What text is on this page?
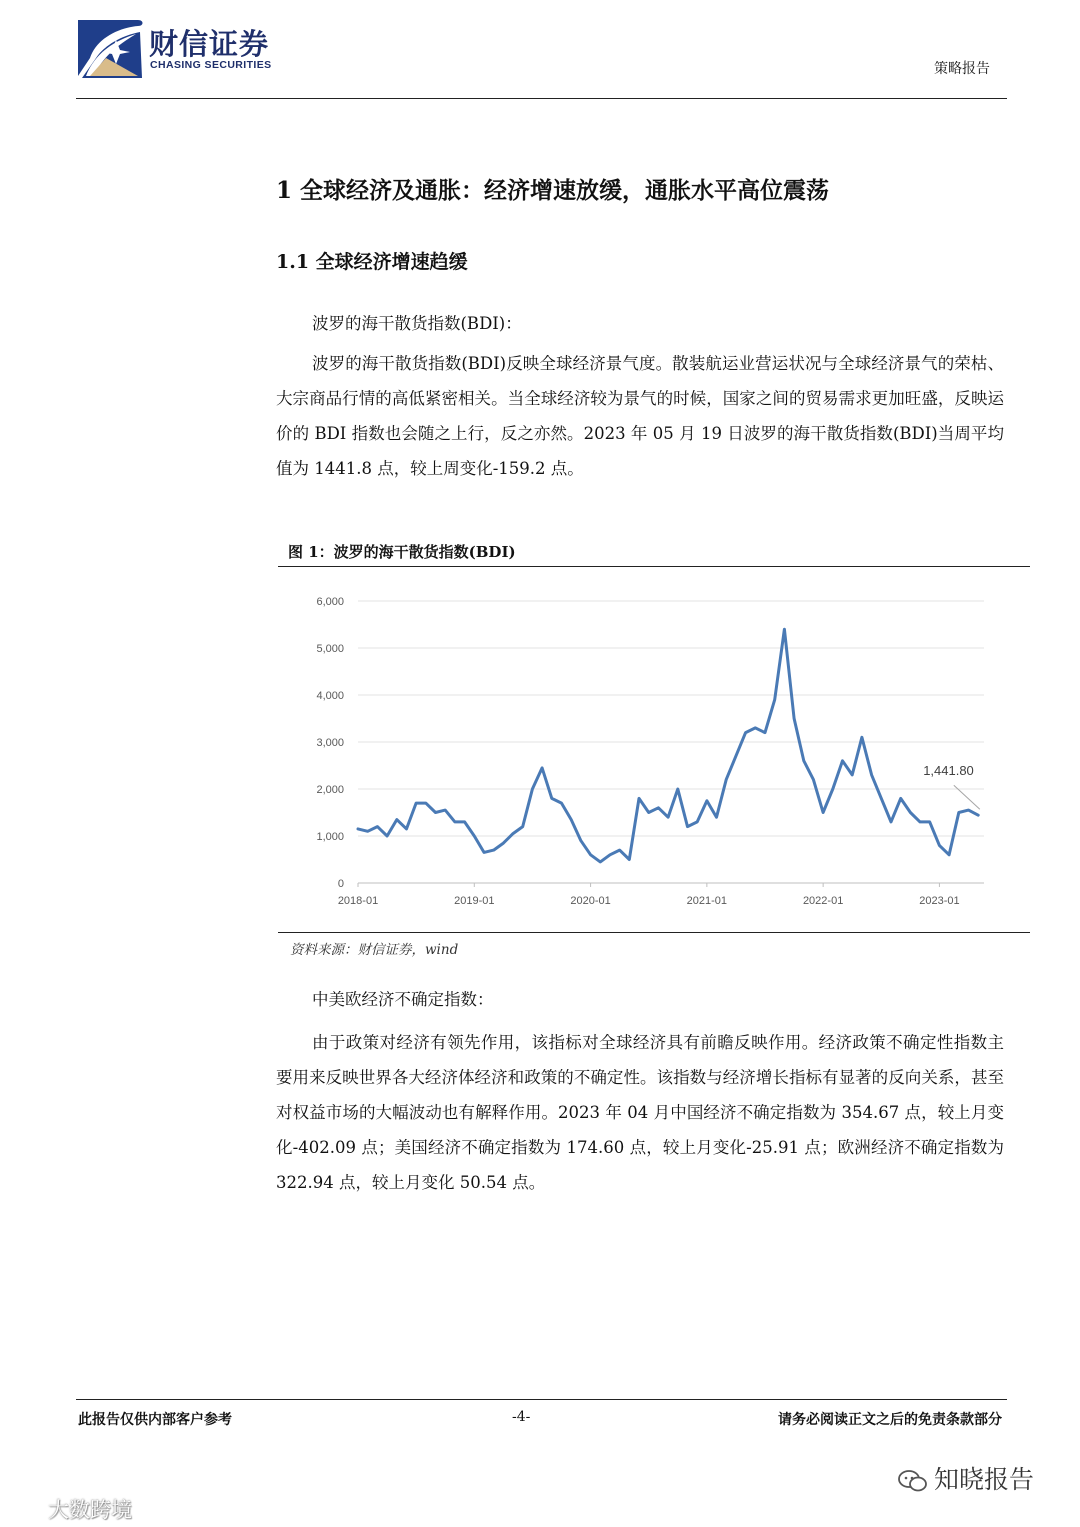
财信证券
CHASING SECURITIES	策略报告
1 全球经济及通胀：经济增速放缓，通胀水平高位震荡
1.1 全球经济增速趋缓

波罗的海干散货指数(BDI)：

波罗的海干散货指数(BDI)反映全球经济景气度。散装航运业营运状况与全球经济景气的荣枯、大宗商品行情的高低紧密相关。当全球经济较为景气的时候，国家之间的贸易需求更加旺盛，反映运价的 BDI 指数也会随之上行，反之亦然。2023 年 05 月 19 日波罗的海干散货指数(BDI)当周平均值为 1441.8 点，较上周变化-159.2 点。

图 1：波罗的海干散货指数(BDI)
0
1,000
2,000
3,000
4,000
5,000
6,000
2018-01	2019-01	2020-01	2021-01	2022-01	2023-01
1,441.80
资料来源：财信证券，wind

中美欧经济不确定指数：

由于政策对经济有领先作用，该指标对全球经济具有前瞻反映作用。经济政策不确定性指数主要用来反映世界各大经济体经济和政策的不确定性。该指数与经济增长指标有显著的反向关系，甚至对权益市场的大幅波动也有解释作用。2023 年 04 月中国经济不确定指数为 354.67 点，较上月变化-402.09 点；美国经济不确定指数为 174.60 点，较上月变化-25.91 点；欧洲经济不确定指数为 322.94 点，较上月变化 50.54 点。

此报告仅供内部客户参考	-4-	请务必阅读正文之后的免责条款部分
知晓报告
大数跨境
